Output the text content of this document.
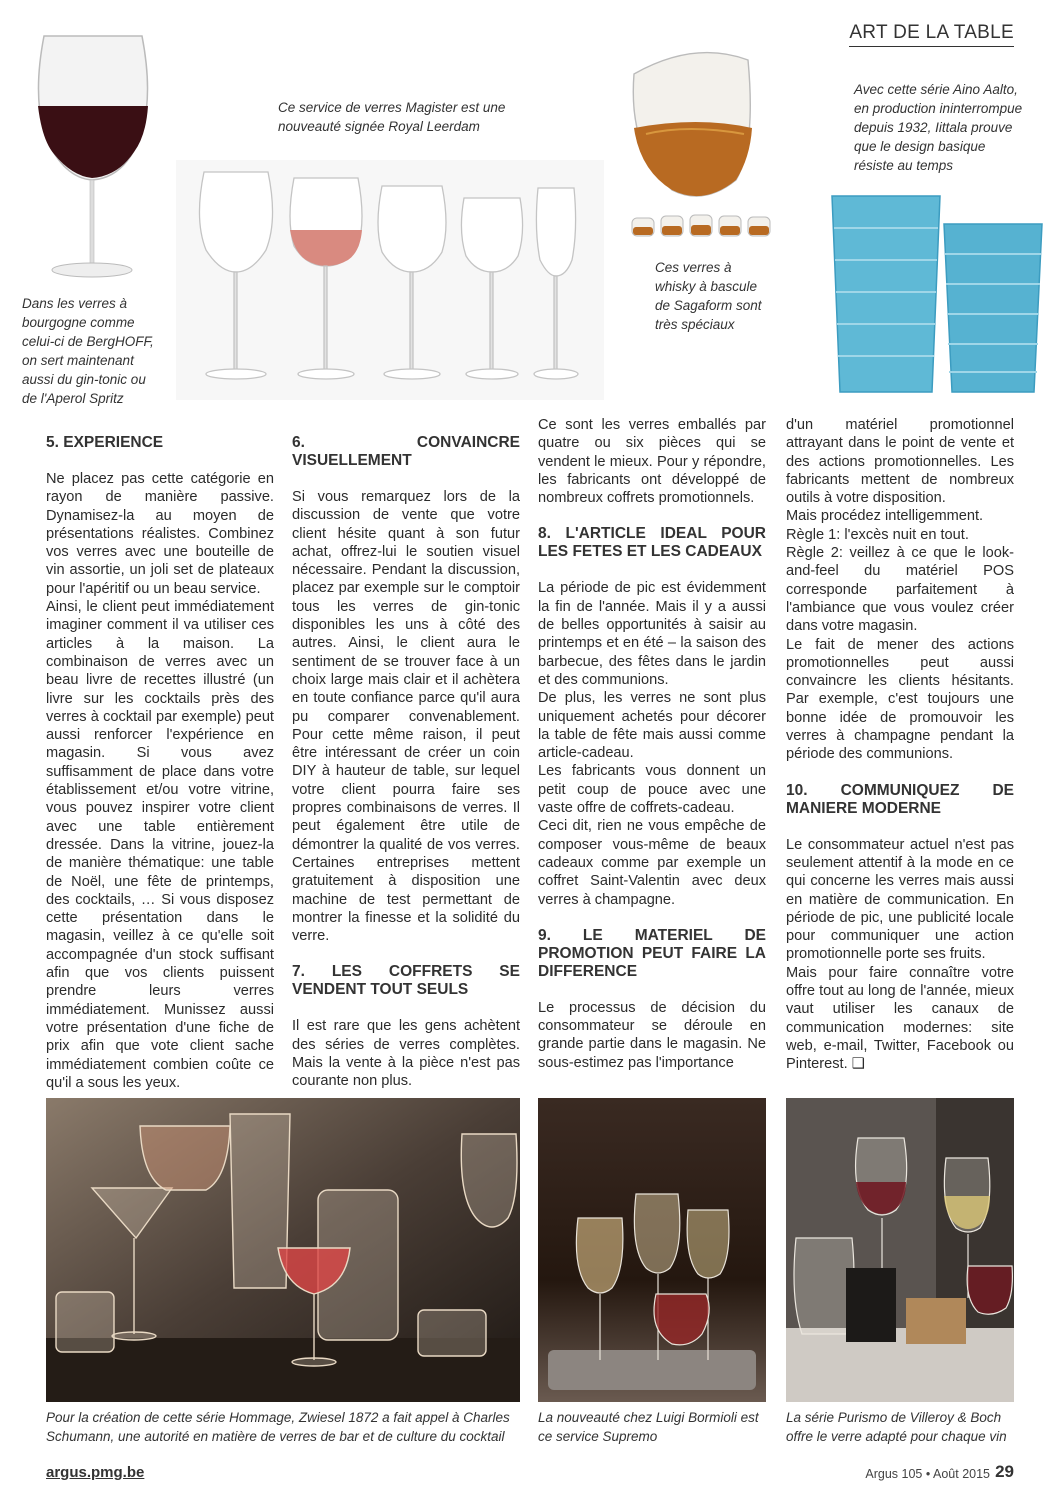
ART DE LA TABLE
Dans les verres à bourgogne comme celui-ci de BergHOFF, on sert maintenant aussi du gin-tonic ou de l'Aperol Spritz
Ce service de verres Magister est une nouveauté signée Royal Leerdam
Ces verres à whisky à bascule de Sagaform sont très spéciaux
Avec cette série Aino Aalto, en production ininterrompue depuis 1932, Iittala prouve que le design basique résiste au temps
5. EXPERIENCE

Ne placez pas cette catégorie en rayon de manière passive. Dynamisez-la au moyen de présentations réalistes. Combinez vos verres avec une bouteille de vin assortie, un joli set de plateaux pour l'apéritif ou un beau service.

Ainsi, le client peut immédiatement imaginer comment il va utiliser ces articles à la maison. La combinaison de verres avec un beau livre de recettes illustré (un livre sur les cocktails près des verres à cocktail par exemple) peut aussi renforcer l'expérience en magasin. Si vous avez suffisamment de place dans votre établissement et/ou votre vitrine, vous pouvez inspirer votre client avec une table entièrement dressée. Dans la vitrine, jouez-la de manière thématique: une table de Noël, une fête de printemps, des cocktails, … Si vous disposez cette présentation dans le magasin, veillez à ce qu'elle soit accompagnée d'un stock suffisant afin que vos clients puissent prendre leurs verres immédiatement. Munissez aussi votre présentation d'une fiche de prix afin que vote client sache immédiatement combien coûte ce qu'il a sous les yeux.

6. CONVAINCRE VISUELLEMENT

Si vous remarquez lors de la discussion de vente que votre client hésite quant à son futur achat, offrez-lui le soutien visuel nécessaire. Pendant la discussion, placez par exemple sur le comptoir tous les verres de gin-tonic disponibles les uns à côté des autres. Ainsi, le client aura le sentiment de se trouver face à un choix large mais clair et il achètera en toute confiance parce qu'il aura pu comparer convenablement. Pour cette même raison, il peut être intéressant de créer un coin DIY à hauteur de table, sur lequel votre client pourra faire ses propres combinaisons de verres. Il peut également être utile de démontrer la qualité de vos verres. Certaines entreprises mettent gratuitement à disposition une machine de test permettant de montrer la finesse et la solidité du verre.

7. LES COFFRETS SE VENDENT TOUT SEULS

Il est rare que les gens achètent des séries de verres complètes. Mais la vente à la pièce n'est pas courante non plus.

Ce sont les verres emballés par quatre ou six pièces qui se vendent le mieux. Pour y répondre, les fabricants ont développé de nombreux coffrets promotionnels.

8. L'ARTICLE IDEAL POUR LES FETES ET LES CADEAUX

La période de pic est évidemment la fin de l'année. Mais il y a aussi de belles opportunités à saisir au printemps et en été – la saison des barbecue, des fêtes dans le jardin et des communions.

De plus, les verres ne sont plus uniquement achetés pour décorer la table de fête mais aussi comme article-cadeau.

Les fabricants vous donnent un petit coup de pouce avec une vaste offre de coffrets-cadeau.

Ceci dit, rien ne vous empêche de composer vous-même de beaux cadeaux comme par exemple un coffret Saint-Valentin avec deux verres à champagne.

9. LE MATERIEL DE PROMOTION PEUT FAIRE LA DIFFERENCE

Le processus de décision du consommateur se déroule en grande partie dans le magasin. Ne sous-estimez pas l'importance

d'un matériel promotionnel attrayant dans le point de vente et des actions promotionnelles. Les fabricants mettent de nombreux outils à votre disposition.

Mais procédez intelligemment.

Règle 1: l'excès nuit en tout.

Règle 2: veillez à ce que le look-and-feel du matériel POS corresponde parfaitement à l'ambiance que vous voulez créer dans votre magasin.

Le fait de mener des actions promotionnelles peut aussi convaincre les clients hésitants. Par exemple, c'est toujours une bonne idée de promouvoir les verres à champagne pendant la période des communions.

10. COMMUNIQUEZ DE MANIERE MODERNE

Le consommateur actuel n'est pas seulement attentif à la mode en ce qui concerne les verres mais aussi en matière de communication. En période de pic, une publicité locale pour communiquer une action promotionnelle porte ses fruits.

Mais pour faire connaître votre offre tout au long de l'année, mieux vaut utiliser les canaux de communication modernes: site web, e-mail, Twitter, Facebook ou Pinterest. ❑

Pour la création de cette série Hommage, Zwiesel 1872 a fait appel à Charles Schumann, une autorité en matière de verres de bar et de culture du cocktail
La nouveauté chez Luigi Bormioli est ce service Supremo
La série Purismo de Villeroy & Boch offre le verre adapté pour chaque vin
argus.pmg.be	Argus 105 • Août 2015 29
